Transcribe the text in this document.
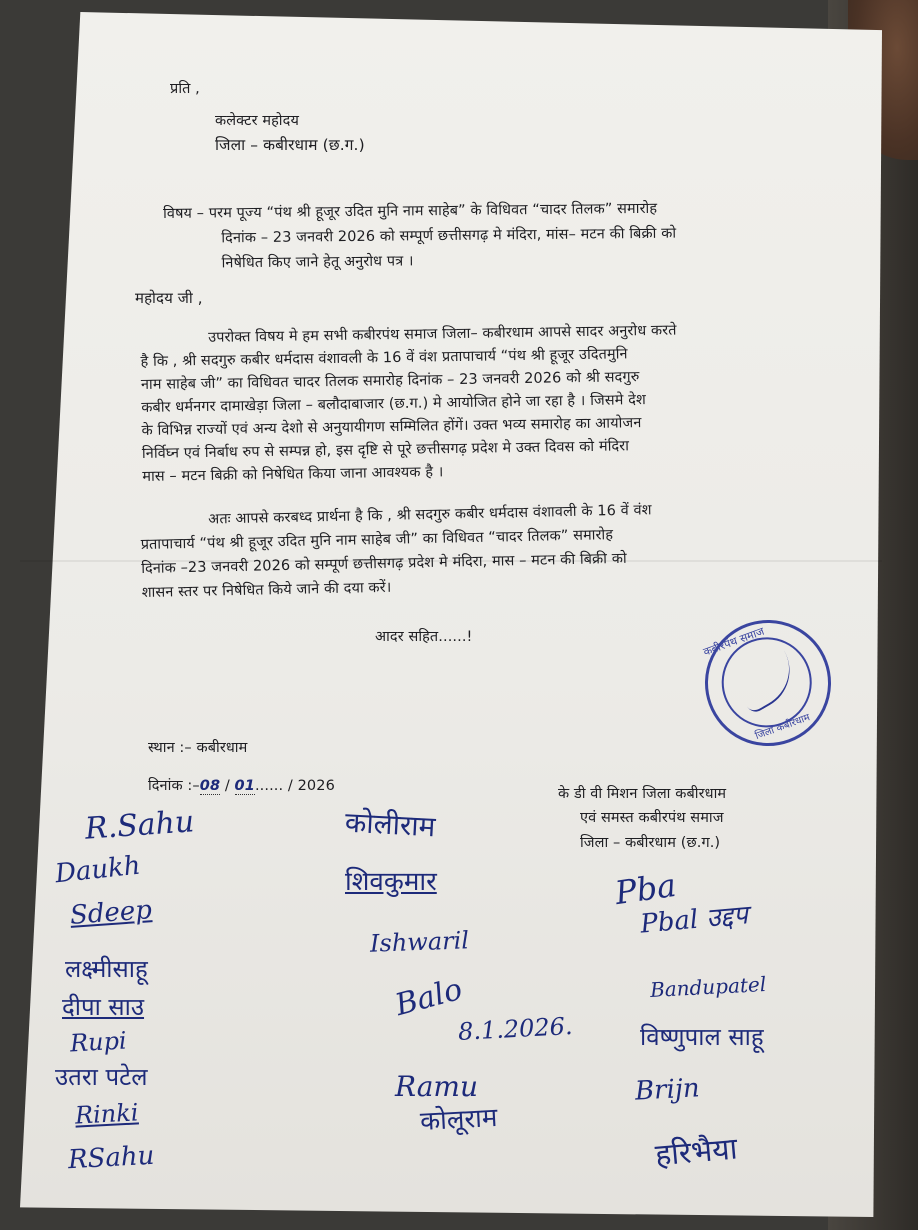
प्रति ,
कलेक्टर महोदय
जिला – कबीरधाम (छ.ग.)
विषय – परम पूज्य “पंथ श्री हूजूर उदित मुनि नाम साहेब” के विधिवत “चादर तिलक” समारोह
दिनांक – 23 जनवरी 2026 को सम्पूर्ण छत्तीसगढ़ मे मंदिरा, मांस– मटन की बिक्री को
निषेधित किए जाने हेतू अनुरोध पत्र ।
महोदय जी ,
उपरोक्त विषय मे हम सभी कबीरपंथ समाज जिला– कबीरधाम आपसे सादर अनुरोध करते
है कि , श्री सदगुरु कबीर धर्मदास वंशावली के 16 वें वंश प्रतापाचार्य “पंथ श्री हूजूर उदितमुनि
नाम साहेब जी” का विधिवत चादर तिलक समारोह दिनांक – 23 जनवरी 2026 को श्री सदगुरु
कबीर धर्मनगर दामाखेड़ा जिला – बलौदाबाजार (छ.ग.) मे आयोजित होने जा रहा है । जिसमे देश
के विभिन्न राज्यों एवं अन्य देशो से अनुयायीगण सम्मिलित होंगें। उक्त भव्य समारोह का आयोजन
निर्विघ्न एवं निर्बाध रुप से सम्पन्न हो, इस दृष्टि से पूरे छत्तीसगढ़ प्रदेश मे उक्त दिवस को मंदिरा
मास – मटन बिक्री को निषेधित किया जाना आवश्यक है ।
अतः आपसे करबध्द प्रार्थना है कि , श्री सदगुरु कबीर धर्मदास वंशावली के 16 वें वंश
प्रतापाचार्य “पंथ श्री हूजूर उदित मुनि नाम साहेब जी” का विधिवत “चादर तिलक” समारोह
दिनांक –23 जनवरी 2026 को सम्पूर्ण छत्तीसगढ़ प्रदेश मे मंदिरा, मास – मटन की बिक्री को
शासन स्तर पर निषेधित किये जाने की दया करें।
आदर सहित......!	कबीरपंथ समाज
जिला कबीरधाम
स्थान :– कबीरधाम
दिनांक :–08 / 01...... / 2026	के डी वी मिशन जिला कबीरधाम
एवं समस्त कबीरपंथ समाज
जिला – कबीरधाम (छ.ग.)
R.Sahu
Daukh
Sdeep
लक्ष्मीसाहू
दीपा साउ
Rupi
उतरा पटेल
Rinki
RSahu
कोलीराम
शिवकुमार
Ishwaril
Balo
8.1.2026.
Ramu
कोलूराम
Pba
Pbal उद्दप
Bandupatel
विष्णुपाल साहू
Brijn
हरिभैया
